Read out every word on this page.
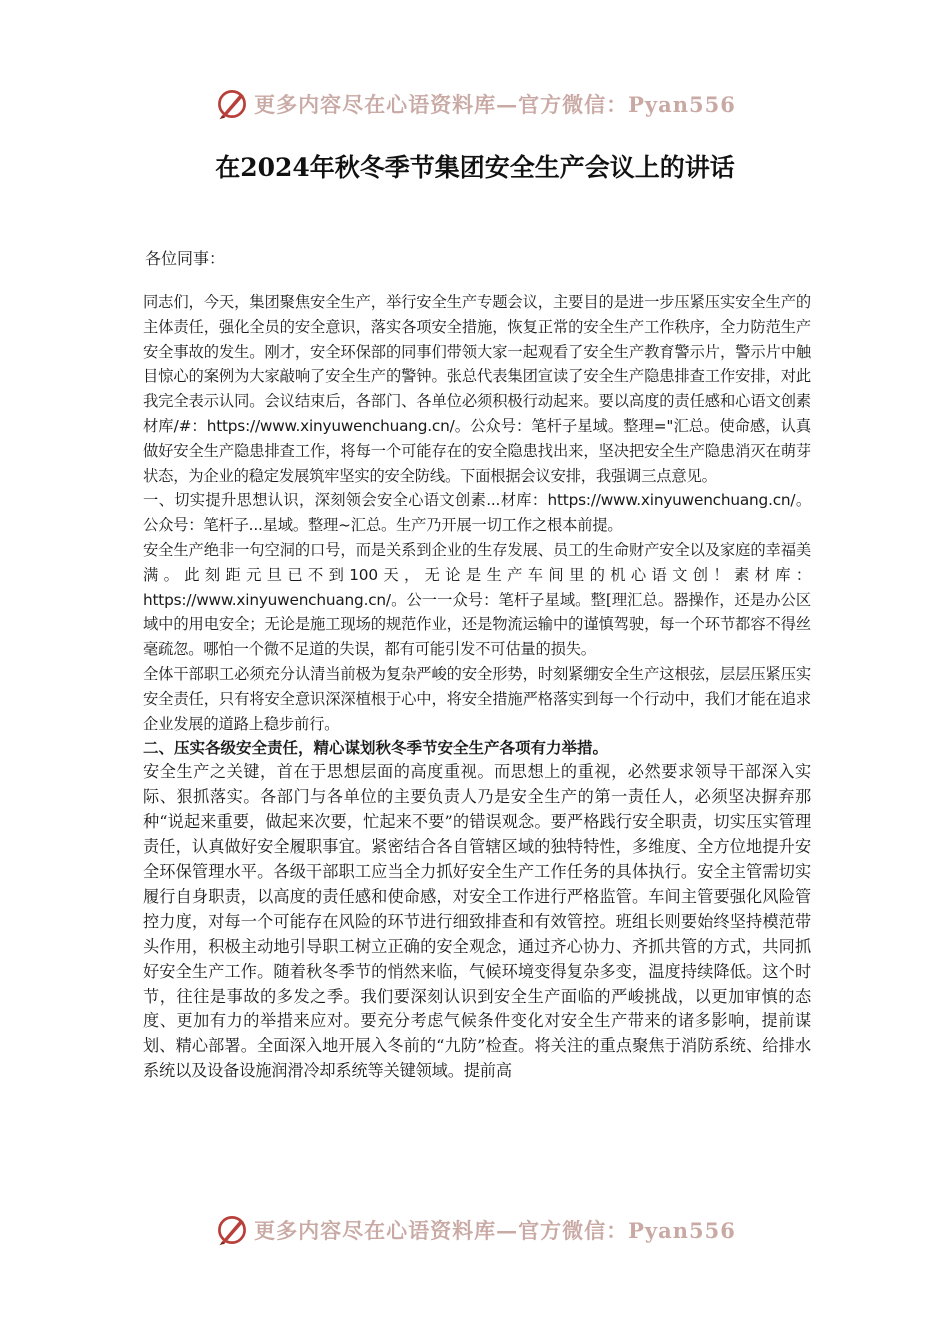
更多内容尽在心语资料库—官方微信：Pyan556
在2024年秋冬季节集团安全生产会议上的讲话
各位同事：

同志们，今天，集团聚焦安全生产，举行安全生产专题会议，主要目的是进一步压紧压实安全生产的主体责任，强化全员的安全意识，落实各项安全措施，恢复正常的安全生产工作秩序，全力防范生产安全事故的发生。刚才，安全环保部的同事们带领大家一起观看了安全生产教育警示片，警示片中触目惊心的案例为大家敲响了安全生产的警钟。张总代表集团宣读了安全生产隐患排查工作安排，对此我完全表示认同。会议结束后，各部门、各单位必须积极行动起来。要以高度的责任感和心语文创素材库/#：https://www.xinyuwenchuang.cn/。公众号：笔杆子星域。整理="汇总。使命感，认真做好安全生产隐患排查工作，将每一个可能存在的安全隐患找出来，坚决把安全生产隐患消灭在萌芽状态，为企业的稳定发展筑牢坚实的安全防线。下面根据会议安排，我强调三点意见。

一、切实提升思想认识，深刻领会安全心语文创素...材库：https://www.xinyuwenchuang.cn/。公众号：笔杆子...星域。整理~汇总。生产乃开展一切工作之根本前提。

安全生产绝非一句空洞的口号，而是关系到企业的生存发展、员工的生命财产安全以及家庭的幸福美满。此刻距元旦已不到100天，无论是生产车间里的机心语文创！素材库：https://www.xinyuwenchuang.cn/。公一一众号：笔杆子星域。整[理汇总。器操作，还是办公区域中的用电安全；无论是施工现场的规范作业，还是物流运输中的谨慎驾驶，每一个环节都容不得丝毫疏忽。哪怕一个微不足道的失误，都有可能引发不可估量的损失。

全体干部职工必须充分认清当前极为复杂严峻的安全形势，时刻紧绷安全生产这根弦，层层压紧压实安全责任，只有将安全意识深深植根于心中，将安全措施严格落实到每一个行动中，我们才能在追求企业发展的道路上稳步前行。

二、压实各级安全责任，精心谋划秋冬季节安全生产各项有力举措。

安全生产之关键，首在于思想层面的高度重视。而思想上的重视，必然要求领导干部深入实际、狠抓落实。各部门与各单位的主要负责人乃是安全生产的第一责任人，必须坚决摒弃那种“说起来重要，做起来次要，忙起来不要”的错误观念。要严格践行安全职责，切实压实管理责任，认真做好安全履职事宜。紧密结合各自管辖区域的独特特性，多维度、全方位地提升安全环保管理水平。各级干部职工应当全力抓好安全生产工作任务的具体执行。安全主管需切实履行自身职责，以高度的责任感和使命感，对安全工作进行严格监管。车间主管要强化风险管控力度，对每一个可能存在风险的环节进行细致排查和有效管控。班组长则要始终坚持模范带头作用，积极主动地引导职工树立正确的安全观念，通过齐心协力、齐抓共管的方式，共同抓好安全生产工作。随着秋冬季节的悄然来临，气候环境变得复杂多变，温度持续降低。这个时节，往往是事故的多发之季。我们要深刻认识到安全生产面临的严峻挑战，以更加审慎的态度、更加有力的举措来应对。要充分考虑气候条件变化对安全生产带来的诸多影响，提前谋划、精心部署。全面深入地开展入冬前的“九防”检查。将关注的重点聚焦于消防系统、给排水系统以及设备设施润滑冷却系统等关键领域。提前高

更多内容尽在心语资料库—官方微信：Pyan556
